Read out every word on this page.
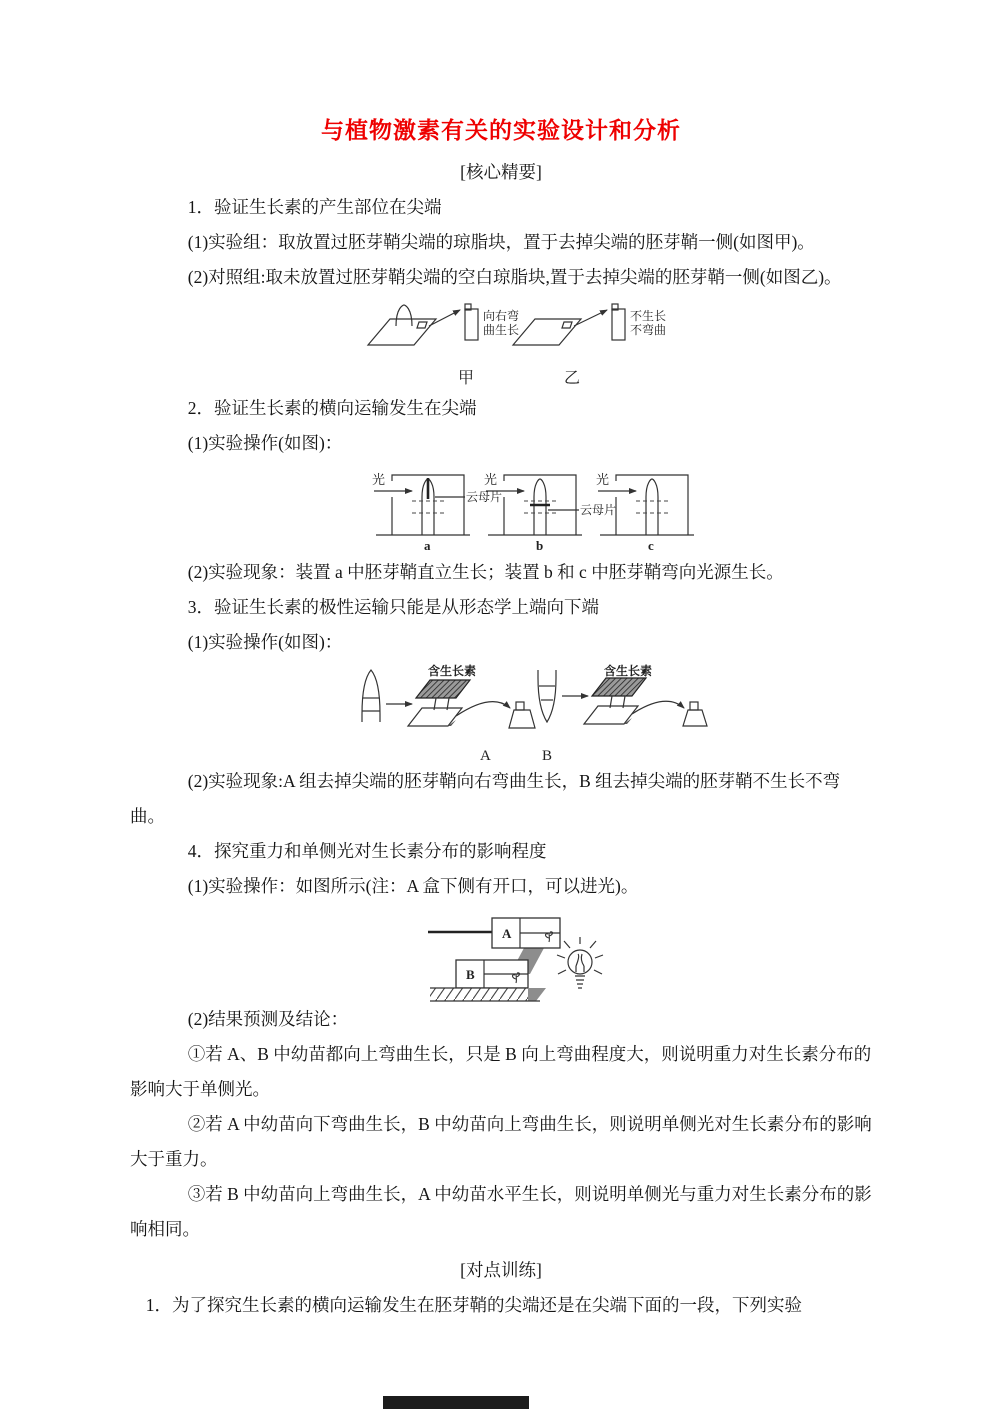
与植物激素有关的实验设计和分析
[核心精要]

1．验证生长素的产生部位在尖端

(1)实验组：取放置过胚芽鞘尖端的琼脂块，置于去掉尖端的胚芽鞘一侧(如图甲)。

(2)对照组:取未放置过胚芽鞘尖端的空白琼脂块,置于去掉尖端的胚芽鞘一侧(如图乙)。

向右弯
曲生长
甲
不生长
不弯曲
乙

2．验证生长素的横向运输发生在尖端

(1)实验操作(如图)：

光
云母片
a
光
云母片
b
光
c

(2)实验现象：装置 a 中胚芽鞘直立生长；装置 b 和 c 中胚芽鞘弯向光源生长。

3．验证生长素的极性运输只能是从形态学上端向下端

(1)实验操作(如图)：

含生长素
A
含生长素
B

(2)实验现象:A 组去掉尖端的胚芽鞘向右弯曲生长，B 组去掉尖端的胚芽鞘不生长不弯曲。

4．探究重力和单侧光对生长素分布的影响程度

(1)实验操作：如图所示(注：A 盒下侧有开口，可以进光)。

A
B

(2)结果预测及结论：

①若 A、B 中幼苗都向上弯曲生长，只是 B 向上弯曲程度大，则说明重力对生长素分布的影响大于单侧光。

②若 A 中幼苗向下弯曲生长，B 中幼苗向上弯曲生长，则说明单侧光对生长素分布的影响大于重力。

③若 B 中幼苗向上弯曲生长，A 中幼苗水平生长，则说明单侧光与重力对生长素分布的影响相同。

[对点训练]

1．为了探究生长素的横向运输发生在胚芽鞘的尖端还是在尖端下面的一段，下列实验
